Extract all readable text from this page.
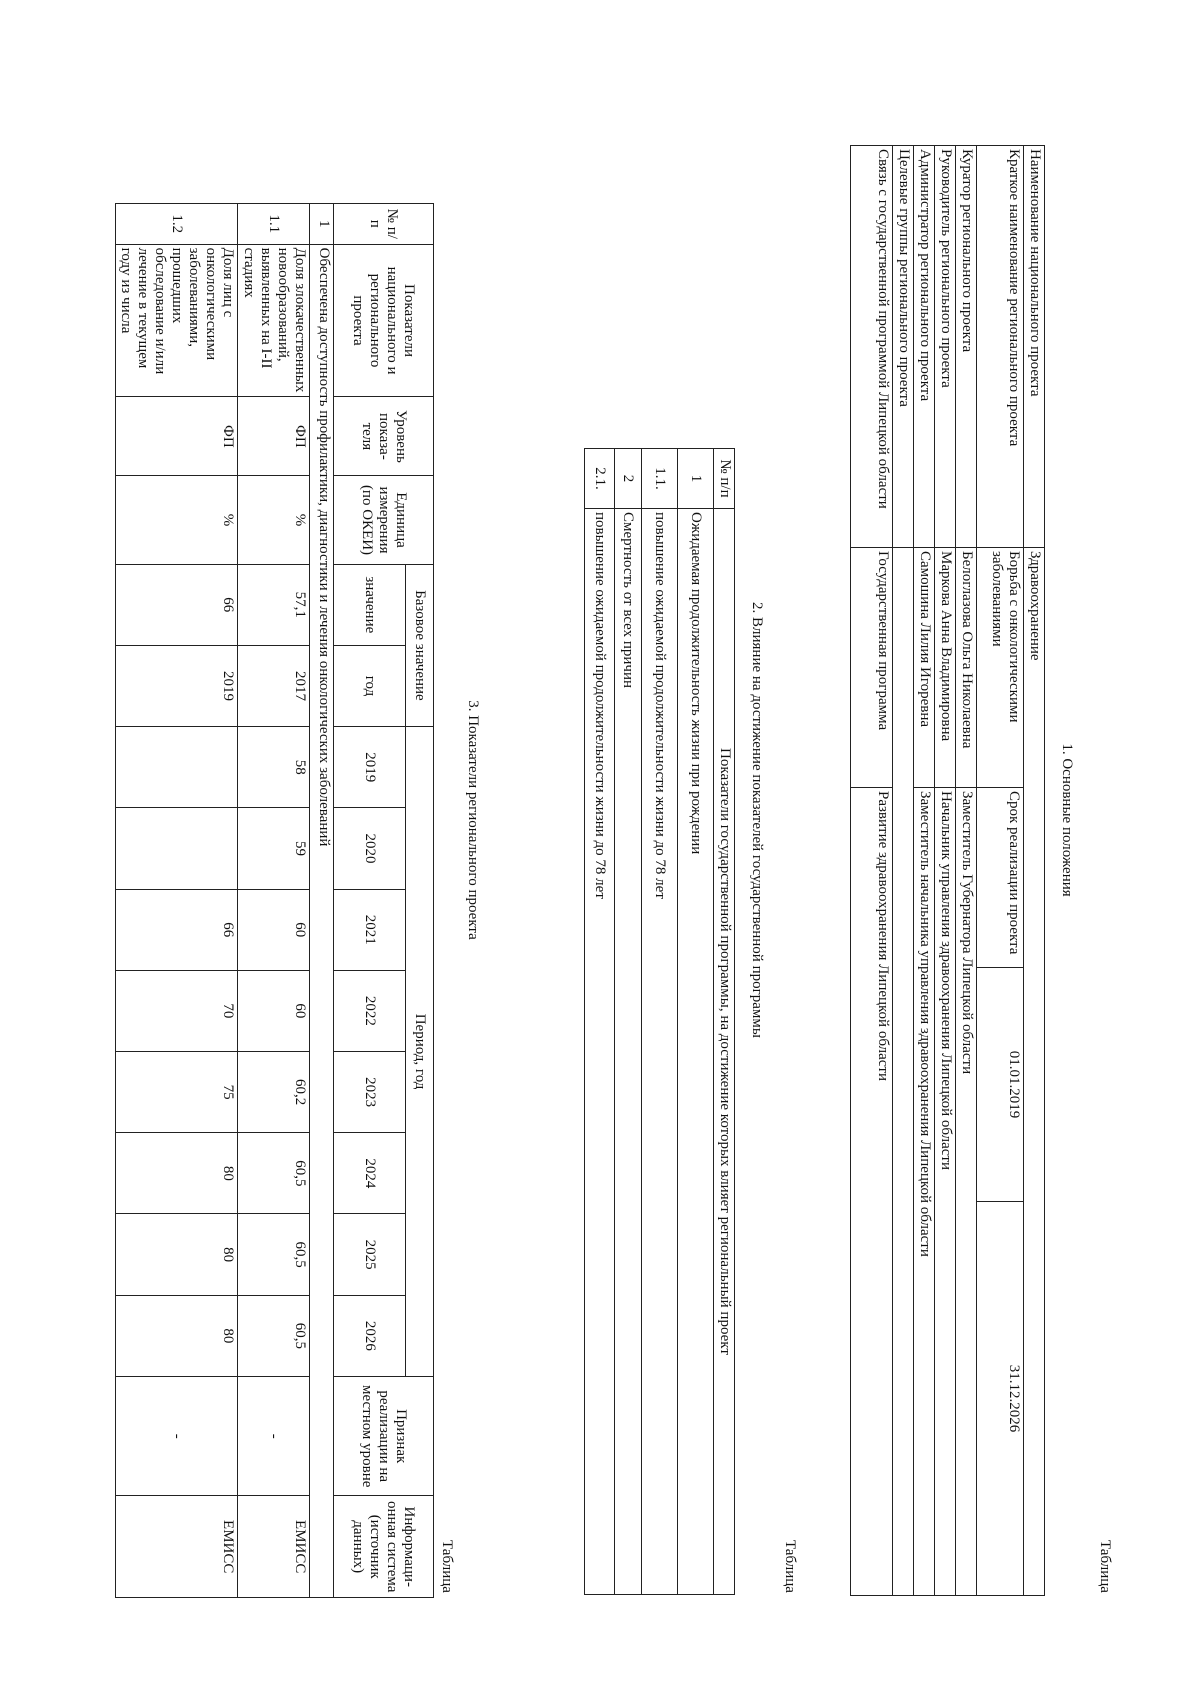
Таблица
1. Основные положения
Наименование национального проекта	Здравоохранение			
Краткое наименование регионального проекта	Борьба с онкологическими заболеваниями	Срок реализации проекта	01.01.2019	31.12.2026
Куратор регионального проекта	Белоглазова Ольга Николаевна	Заместитель Губернатора Липецкой области		
Руководитель регионального проекта	Маркова Анна Владимировна	Начальник управления здравоохранения Липецкой области		
Администратор регионального проекта	Самошина Лилия Игоревна	Заместитель начальника управления здравоохранения Липецкой области		
Целевые группы регионального проекта				
Связь с государственной программой Липецкой области	Государственная программа	Развитие здравоохранения Липецкой области		
Таблица
2. Влияние на достижение показателей государственной программы
№ п/п	Показатели государственной программы, на достижение которых влияет региональный проект
1	Ожидаемая продолжительность жизни при рождении
1.1.	повышение ожидаемой продолжительности жизни до 78 лет
2	Смертность от всех причин
2.1.	повышение ожидаемой продолжительности жизни до 78 лет
3. Показатели регионального проекта
Таблица
№ п/п	Показатели национального и регионального проекта	Уровень показа-теля	Единица измерения (по ОКЕИ)	Базовое значение		Период, год								Признак реализации на местном уровне	Информаци-онная система (источник данных)
				значение	год	2019	2020	2021	2022	2023	2024	2025	2026		
1	Обеспечена доступность профилактики, диагностики и лечения онкологических заболеваний														
1.1	Доля злокачественных новообразований, выявленных на I-II стадиях	ФП	%	57,1	2017	58	59	60	60	60,2	60,5	60,5	60,5	-	ЕМИСС
1.2	Доля лиц с онкологическими заболеваниями, прошедших обследование и/или лечение в текущем году из числа	ФП	%	66	2019			66	70	75	80	80	80	-	ЕМИСС
